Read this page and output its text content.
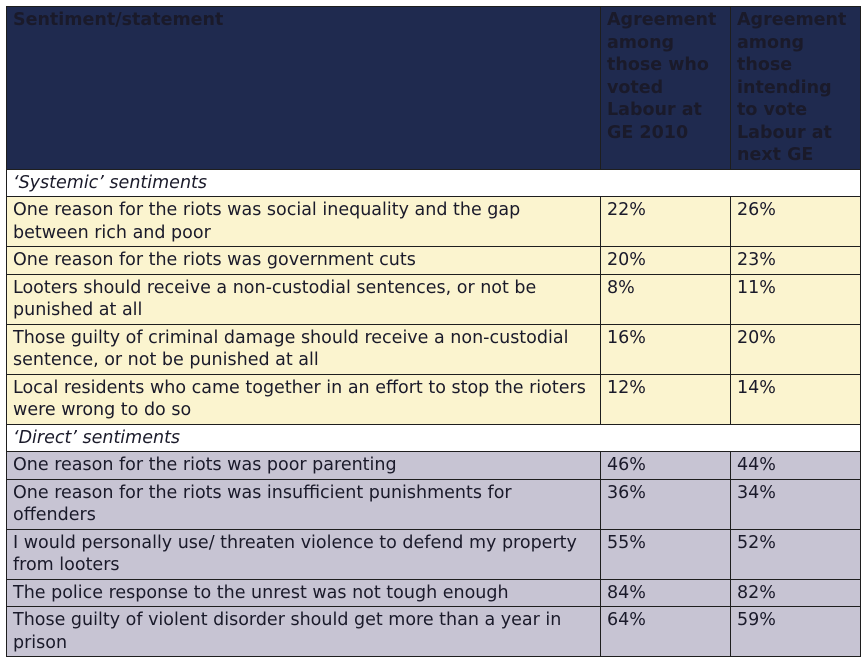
Sentiment/statement	Agreement among those who voted Labour at GE 2010	Agreement among those intending to vote Labour at next GE
‘Systemic’ sentiments		
One reason for the riots was social inequality and the gap between rich and poor	22%	26%
One reason for the riots was government cuts	20%	23%
Looters should receive a non-custodial sentences, or not be punished at all	8%	11%
Those guilty of criminal damage should receive a non-custodial sentence, or not be punished at all	16%	20%
Local residents who came together in an effort to stop the rioters were wrong to do so	12%	14%
‘Direct’ sentiments		
One reason for the riots was poor parenting	46%	44%
One reason for the riots was insufficient punishments for offenders	36%	34%
I would personally use/ threaten violence to defend my property from looters	55%	52%
The police response to the unrest was not tough enough	84%	82%
Those guilty of violent disorder should get more than a year in prison	64%	59%
